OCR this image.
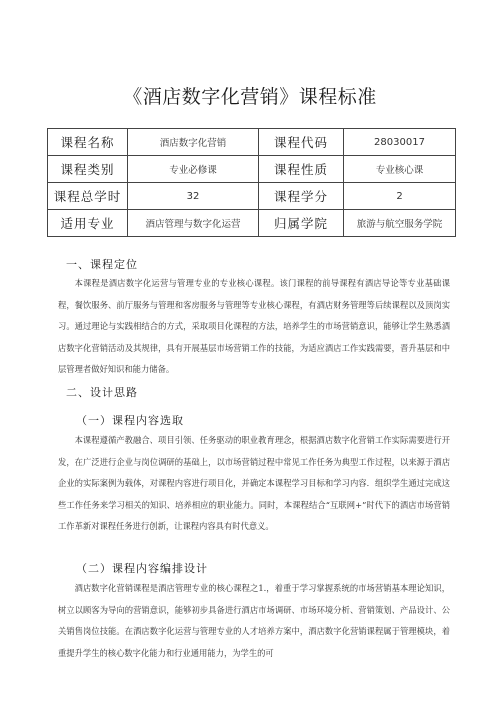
《酒店数字化营销》课程标准
课程名称	酒店数字化营销	课程代码	28030017
课程类别	专业必修课	课程性质	专业核心课
课程总学时	32	课程学分	2
适用专业	酒店管理与数字化运营	归属学院	旅游与航空服务学院
一、课程定位

本课程是酒店数字化运营与管理专业的专业核心课程。该门课程的前导课程有酒店导论等专业基础课程，餐饮服务、前厅服务与管理和客房服务与管理等专业核心课程，有酒店财务管理等后续课程以及顶岗实习。通过理论与实践相结合的方式，采取项目化课程的方法，培养学生的市场营销意识，能够让学生熟悉酒店数字化营销活动及其规律，具有开展基层市场营销工作的技能，为适应酒店工作实践需要，晋升基层和中层管理者做好知识和能力储备。

二、设计思路
（一）课程内容选取

本课程遵循产教融合、项目引领、任务驱动的职业教育理念，根据酒店数字化营销工作实际需要进行开发，在广泛进行企业与岗位调研的基础上，以市场营销过程中常见工作任务为典型工作过程，以来源于酒店企业的实际案例为载体，对课程内容进行项目化，并确定本课程学习目标和学习内容．组织学生通过完成这些工作任务来学习相关的知识、培养相应的职业能力。同时，本课程结合“互联网+”时代下的酒店市场营销工作革新对课程任务进行创新，让课程内容具有时代意义。

（二）课程内容编排设计

酒店数字化营销课程是酒店管理专业的核心课程之1.，着重于学习掌握系统的市场营销基本理论知识，树立以顾客为导向的营销意识，能够初步具备进行酒店市场调研、市场环境分析、营销策划、产品设计、公关销售岗位技能。在酒店数字化运营与管理专业的人才培养方案中，酒店数字化营销课程属于管理模块，着重提升学生的核心数字化能力和行业通用能力，为学生的可
